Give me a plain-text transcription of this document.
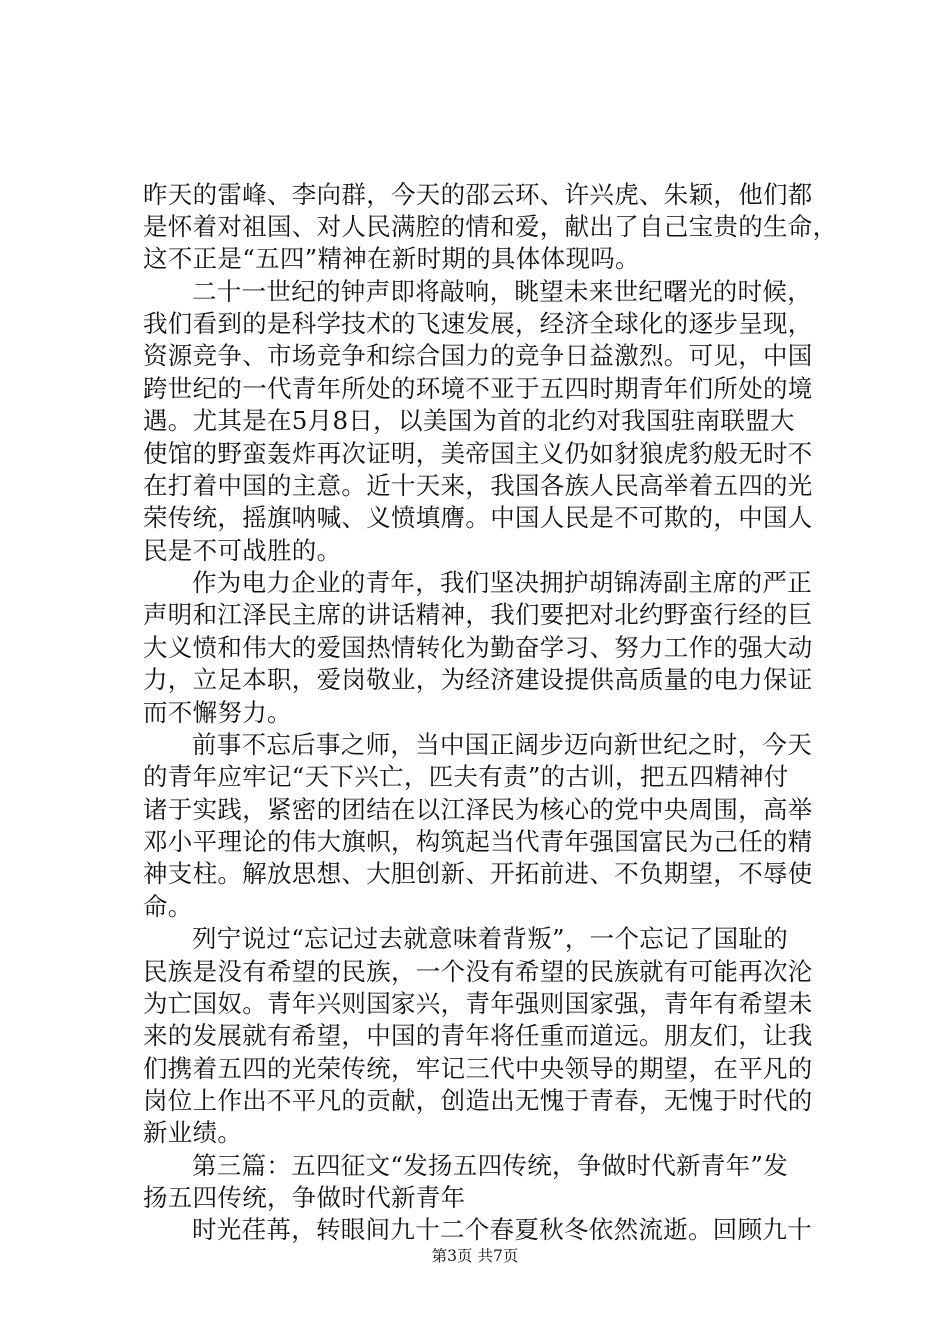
昨天的雷峰、李向群，今天的邵云环、许兴虎、朱颖，他们都
是怀着对祖国、对人民满腔的情和爱，献出了自己宝贵的生命，
这不正是“五四”精神在新时期的具体体现吗。
二十一世纪的钟声即将敲响，眺望未来世纪曙光的时候，
我们看到的是科学技术的飞速发展，经济全球化的逐步呈现，
资源竞争、市场竞争和综合国力的竞争日益激烈。可见，中国
跨世纪的一代青年所处的环境不亚于五四时期青年们所处的境
遇。尤其是在5月8日，以美国为首的北约对我国驻南联盟大
使馆的野蛮轰炸再次证明，美帝国主义仍如豺狼虎豹般无时不
在打着中国的主意。近十天来，我国各族人民高举着五四的光
荣传统，摇旗呐喊、义愤填膺。中国人民是不可欺的，中国人
民是不可战胜的。
作为电力企业的青年，我们坚决拥护胡锦涛副主席的严正
声明和江泽民主席的讲话精神，我们要把对北约野蛮行经的巨
大义愤和伟大的爱国热情转化为勤奋学习、努力工作的强大动
力，立足本职，爱岗敬业，为经济建设提供高质量的电力保证
而不懈努力。
前事不忘后事之师，当中国正阔步迈向新世纪之时，今天
的青年应牢记“天下兴亡，匹夫有责”的古训，把五四精神付
诸于实践，紧密的团结在以江泽民为核心的党中央周围，高举
邓小平理论的伟大旗帜，构筑起当代青年强国富民为己任的精
神支柱。解放思想、大胆创新、开拓前进、不负期望，不辱使
命。
列宁说过“忘记过去就意味着背叛”，一个忘记了国耻的
民族是没有希望的民族，一个没有希望的民族就有可能再次沦
为亡国奴。青年兴则国家兴，青年强则国家强，青年有希望未
来的发展就有希望，中国的青年将任重而道远。朋友们，让我
们携着五四的光荣传统，牢记三代中央领导的期望，在平凡的
岗位上作出不平凡的贡献，创造出无愧于青春，无愧于时代的
新业绩。
第三篇：五四征文“发扬五四传统，争做时代新青年”发
扬五四传统，争做时代新青年
时光荏苒，转眼间九十二个春夏秋冬依然流逝。回顾九十
第3页 共7页
